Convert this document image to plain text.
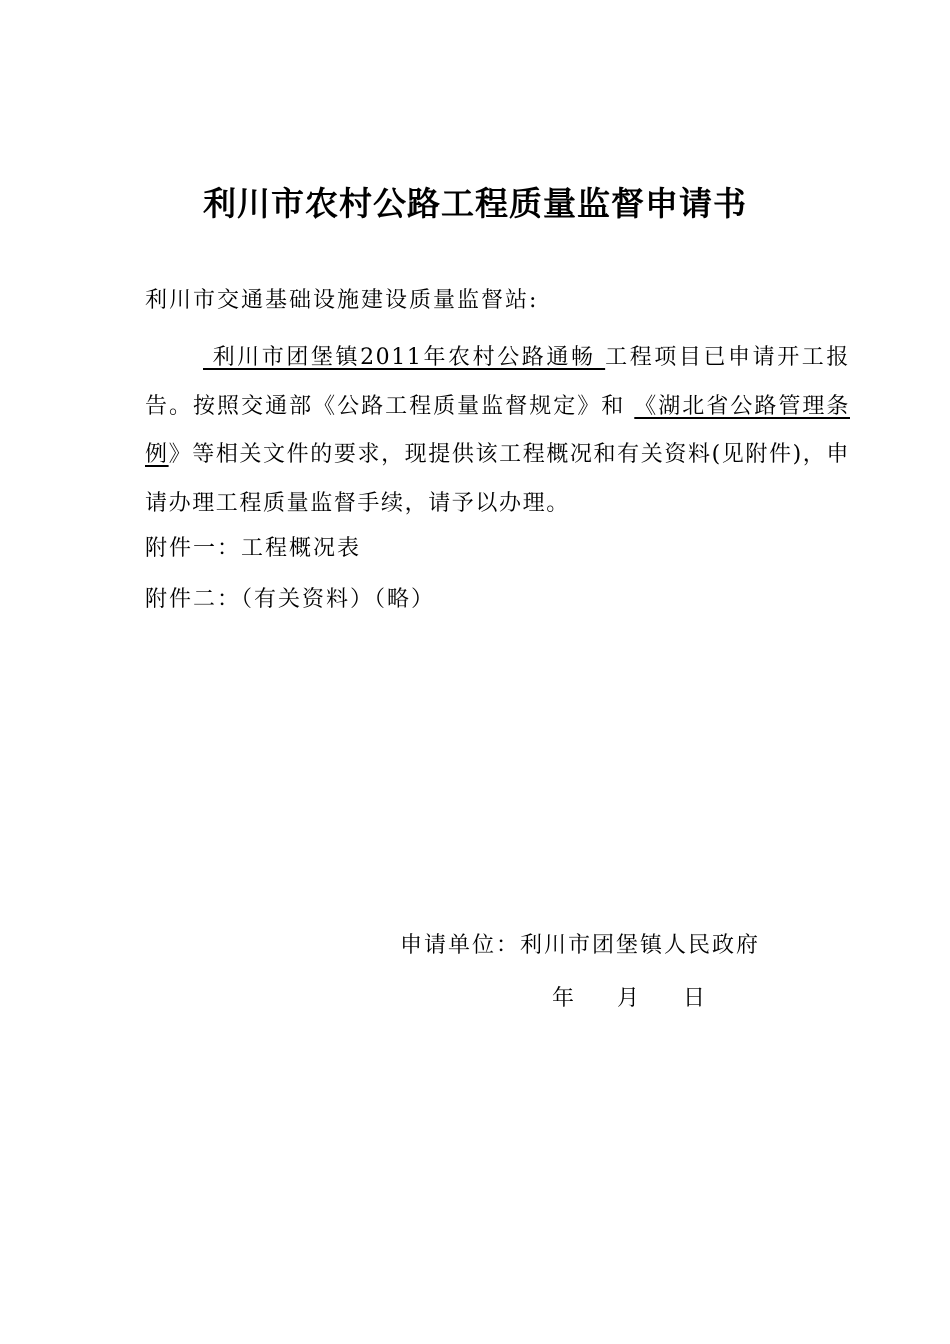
利川市农村公路工程质量监督申请书
利川市交通基础设施建设质量监督站:
利川市团堡镇2011年农村公路通畅 工程项目已申请开工报告。按照交通部《公路工程质量监督规定》和 《湖北省公路管理条例》等相关文件的要求，现提供该工程概况和有关资料(见附件)，申请办理工程质量监督手续，请予以办理。
附件一：工程概况表
附件二：（有关资料）（略）
申请单位：利川市团堡镇人民政府
年 月 日
